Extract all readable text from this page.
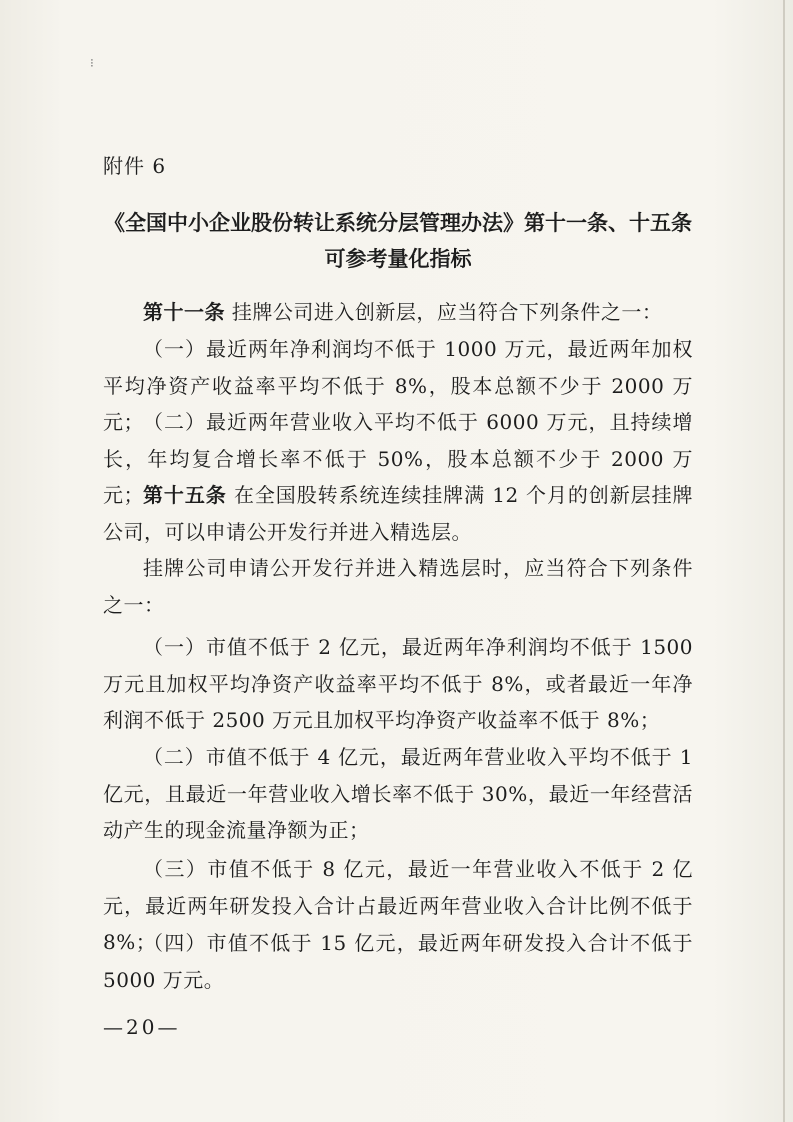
⁝
附件 6
《全国中小企业股份转让系统分层管理办法》第十一条、十五条
可参考量化指标
第十一条 挂牌公司进入创新层，应当符合下列条件之一：
（一）最近两年净利润均不低于 1000 万元，最近两年加权平均净资产收益率平均不低于 8%，股本总额不少于 2000 万元； （二）最近两年营业收入平均不低于 6000 万元，且持续增长，年均复合增长率不低于 50%，股本总额不少于 2000 万元； 第十五条 在全国股转系统连续挂牌满 12 个月的创新层挂牌公司，可以申请公开发行并进入精选层。
挂牌公司申请公开发行并进入精选层时，应当符合下列条件之一：
（一）市值不低于 2 亿元，最近两年净利润均不低于 1500 万元且加权平均净资产收益率平均不低于 8%，或者最近一年净利润不低于 2500 万元且加权平均净资产收益率不低于 8%；
（二）市值不低于 4 亿元，最近两年营业收入平均不低于 1 亿元，且最近一年营业收入增长率不低于 30%，最近一年经营活动产生的现金流量净额为正；
（三）市值不低于 8 亿元，最近一年营业收入不低于 2 亿元，最近两年研发投入合计占最近两年营业收入合计比例不低于 8%；
（四）市值不低于 15 亿元，最近两年研发投入合计不低于 5000 万元。
—20—
